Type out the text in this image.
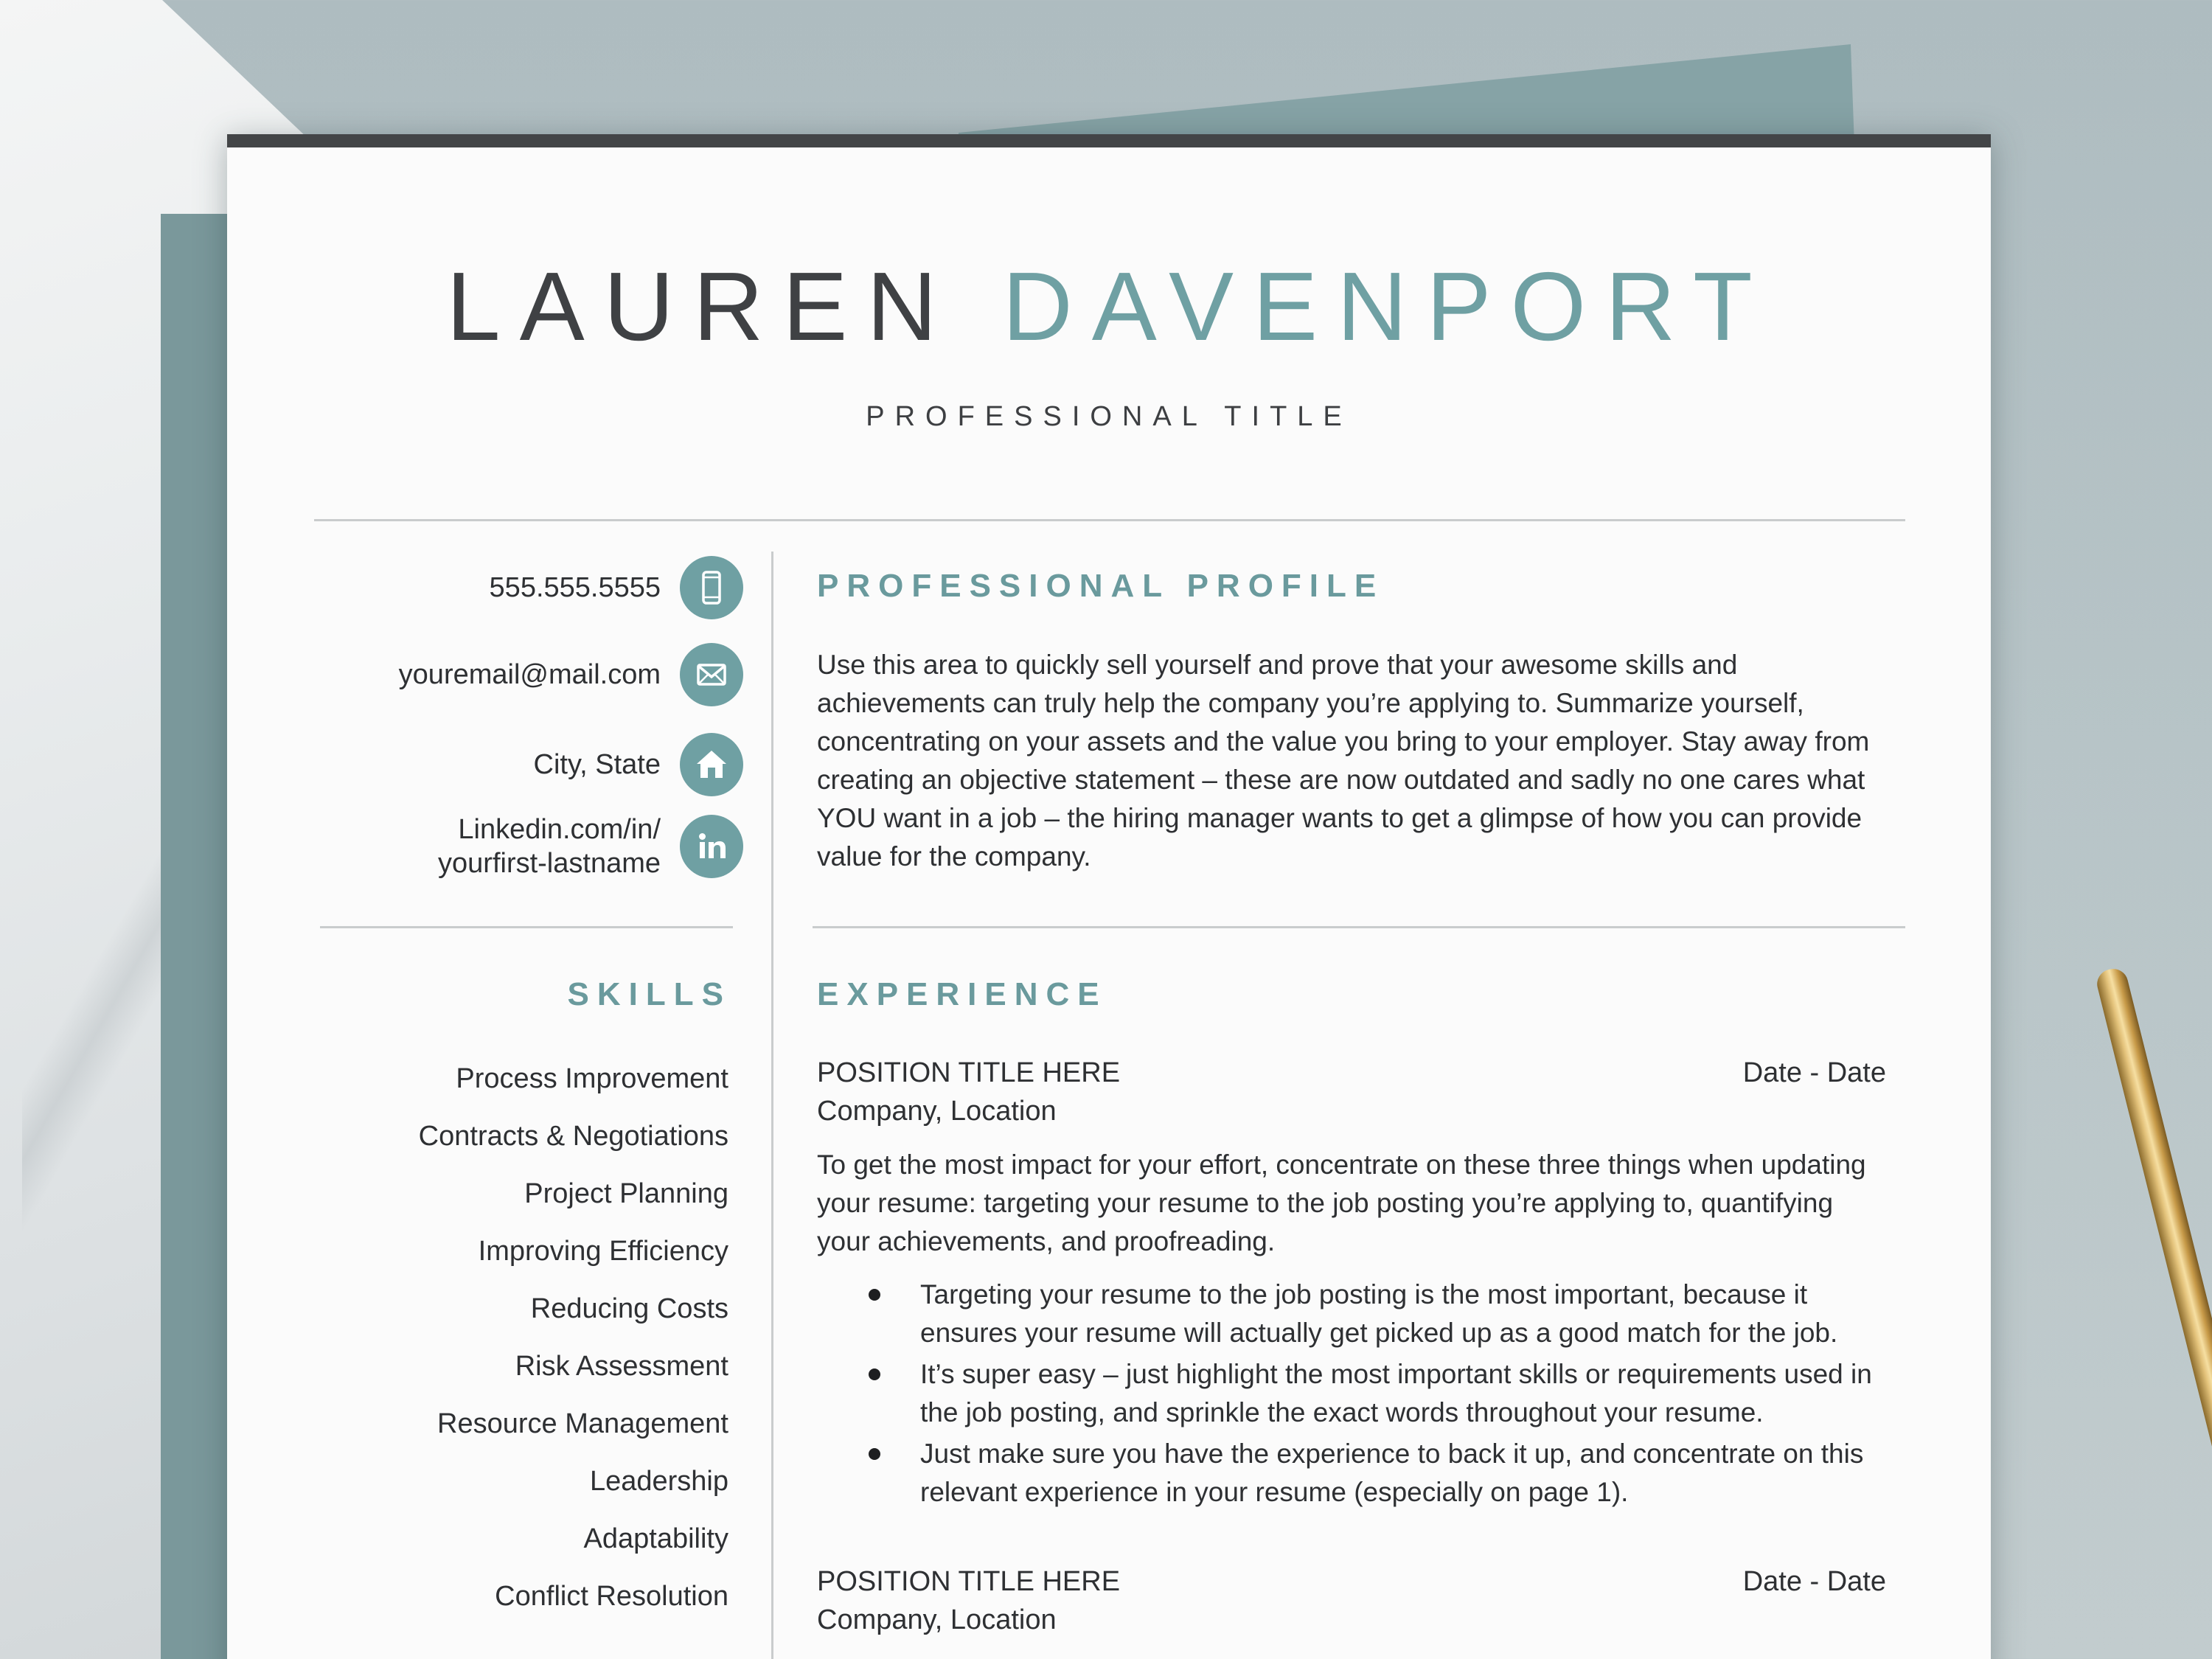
LAUREN DAVENPORT
PROFESSIONAL TITLE
555.555.5555
youremail@mail.com
City, State
Linkedin.com/in/
yourfirst-lastname
PROFESSIONAL PROFILE
Use this area to quickly sell yourself and prove that your awesome skills and achievements can truly help the company you’re applying to. Summarize yourself, concentrating on your assets and the value you bring to your employer. Stay away from creating an objective statement – these are now outdated and sadly no one cares what YOU want in a job – the hiring manager wants to get a glimpse of how you can provide value for the company.
SKILLS
Process Improvement
Contracts & Negotiations
Project Planning
Improving Efficiency
Reducing Costs
Risk Assessment
Resource Management
Leadership
Adaptability
Conflict Resolution
EXPERIENCE
POSITION TITLE HERE	Date - Date
Company, Location
To get the most impact for your effort, concentrate on these three things when updating your resume: targeting your resume to the job posting you’re applying to, quantifying your achievements, and proofreading.
Targeting your resume to the job posting is the most important, because it ensures your resume will actually get picked up as a good match for the job.
It’s super easy – just highlight the most important skills or requirements used in the job posting, and sprinkle the exact words throughout your resume.
Just make sure you have the experience to back it up, and concentrate on this relevant experience in your resume (especially on page 1).
POSITION TITLE HERE	Date - Date
Company, Location
